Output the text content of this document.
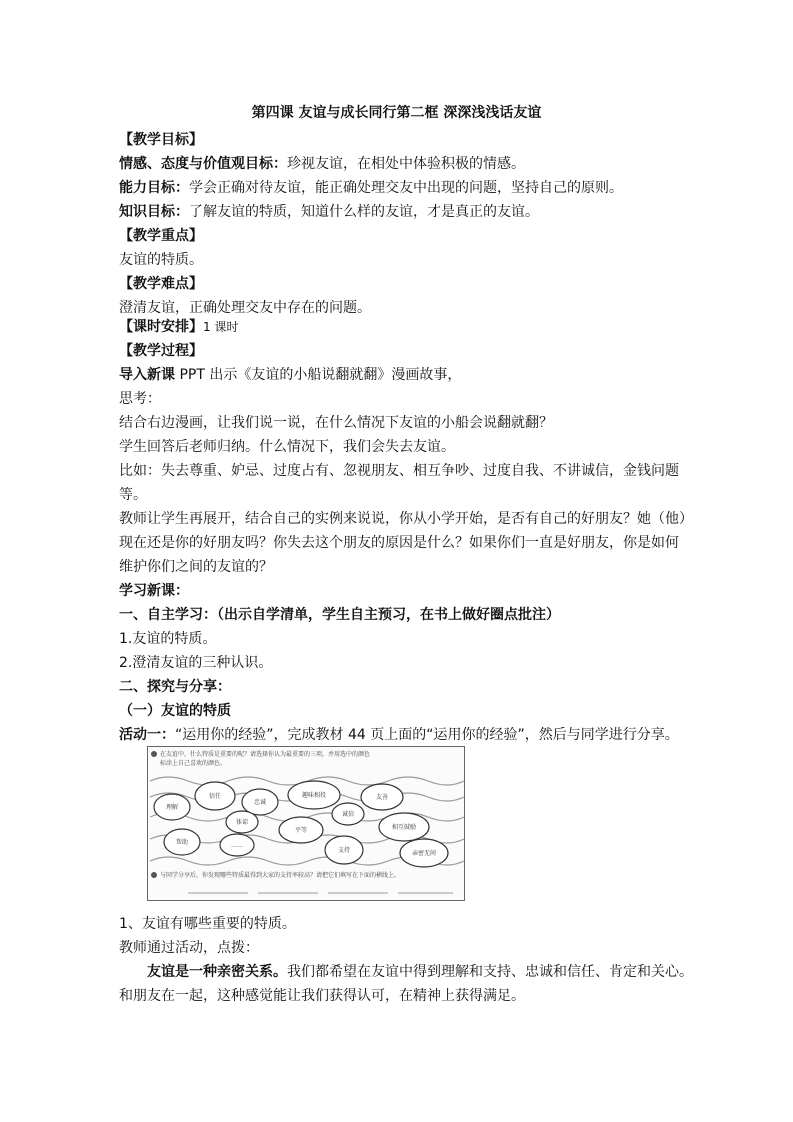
第四课 友谊与成长同行第二框 深深浅浅话友谊
【教学目标】
情感、态度与价值观目标：珍视友谊，在相处中体验积极的情感。
能力目标：学会正确对待友谊，能正确处理交友中出现的问题，坚持自己的原则。
知识目标：了解友谊的特质，知道什么样的友谊，才是真正的友谊。
【教学重点】
友谊的特质。
【教学难点】
澄清友谊，正确处理交友中存在的问题。
【课时安排】1 课时
【教学过程】
导入新课 PPT 出示《友谊的小船说翻就翻》漫画故事，
思考：
结合右边漫画，让我们说一说，在什么情况下友谊的小船会说翻就翻？
学生回答后老师归纳。什么情况下，我们会失去友谊。
比如：失去尊重、妒忌、过度占有、忽视朋友、相互争吵、过度自我、不讲诚信，金钱问题
等。
教师让学生再展开，结合自己的实例来说说，你从小学开始，是否有自己的好朋友？她（他）
现在还是你的好朋友吗？你失去这个朋友的原因是什么？如果你们一直是好朋友，你是如何
维护你们之间的友谊的？
学习新课：
一、自主学习：（出示自学清单，学生自主预习，在书上做好圈点批注）
1.友谊的特质。
2.澄清友谊的三种认识。
二、探究与分享：
（一）友谊的特质
活动一：“运用你的经验”，完成教材 44 页上面的“运用你的经验”，然后与同学进行分享。
在友谊中，什么特质是重要的呢？请选择你认为最重要的三项，并用选中的颜色
标涂上自己喜欢的颜色。
理解
信任
忠诚
趣味相投	友善
体谅
诚信
平等	相互鼓励
帮助	……
支持	亲密无间
与同学分享后，你发现哪些特质最得到大家的支持率较高？请把它们填写在下面的横线上。
1、友谊有哪些重要的特质。
教师通过活动，点拨：
友谊是一种亲密关系。我们都希望在友谊中得到理解和支持、忠诚和信任、肯定和关心。
和朋友在一起，这种感觉能让我们获得认可，在精神上获得满足。
